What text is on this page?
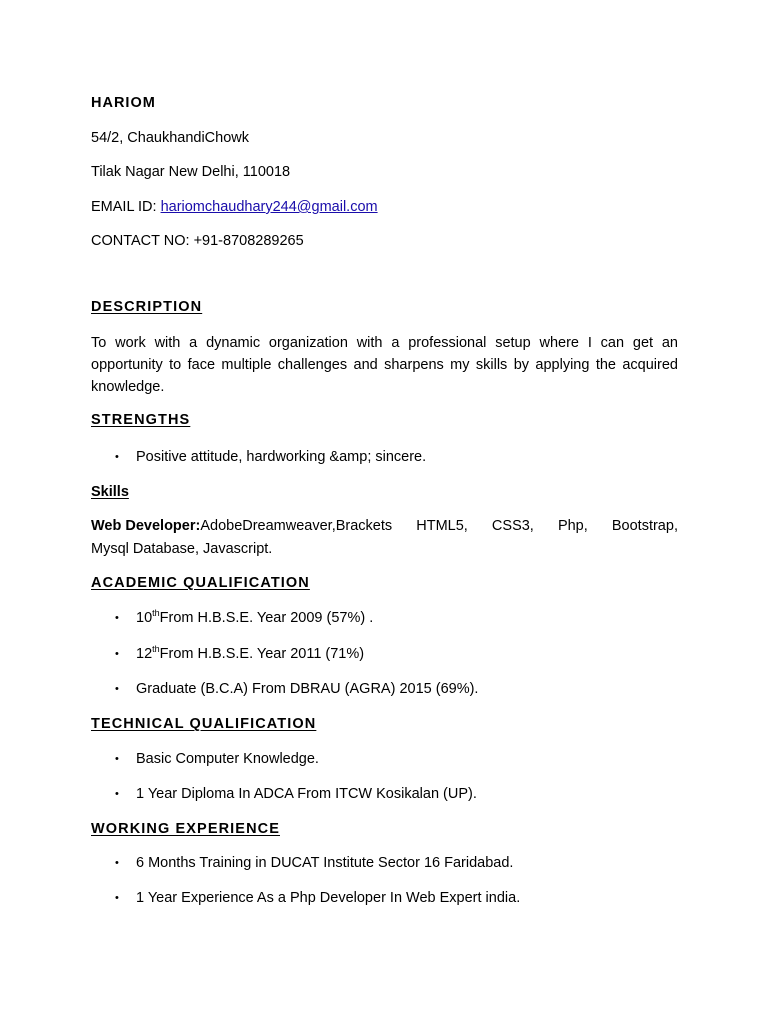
HARIOM
54/2, ChaukhandiChowk
Tilak Nagar New Delhi, 110018
EMAIL ID: hariomchaudhary244@gmail.com
CONTACT NO: +91-8708289265
DESCRIPTION
To work with a dynamic organization with a professional setup where I can get an opportunity to face multiple challenges and sharpens my skills by applying the acquired knowledge.
STRENGTHS
• Positive attitude, hardworking &amp; sincere.
Skills
Web Developer:AdobeDreamweaver,Brackets HTML5, CSS3, Php, Bootstrap,
Mysql Database, Javascript.
ACADEMIC QUALIFICATION
• 10thFrom H.B.S.E. Year 2009 (57%) .
• 12thFrom H.B.S.E. Year 2011 (71%)
• Graduate (B.C.A) From DBRAU (AGRA) 2015 (69%).
TECHNICAL QUALIFICATION
• Basic Computer Knowledge.
• 1 Year Diploma In ADCA From ITCW Kosikalan (UP).
WORKING EXPERIENCE
• 6 Months Training in DUCAT Institute Sector 16 Faridabad.
• 1 Year Experience As a Php Developer In Web Expert india.
